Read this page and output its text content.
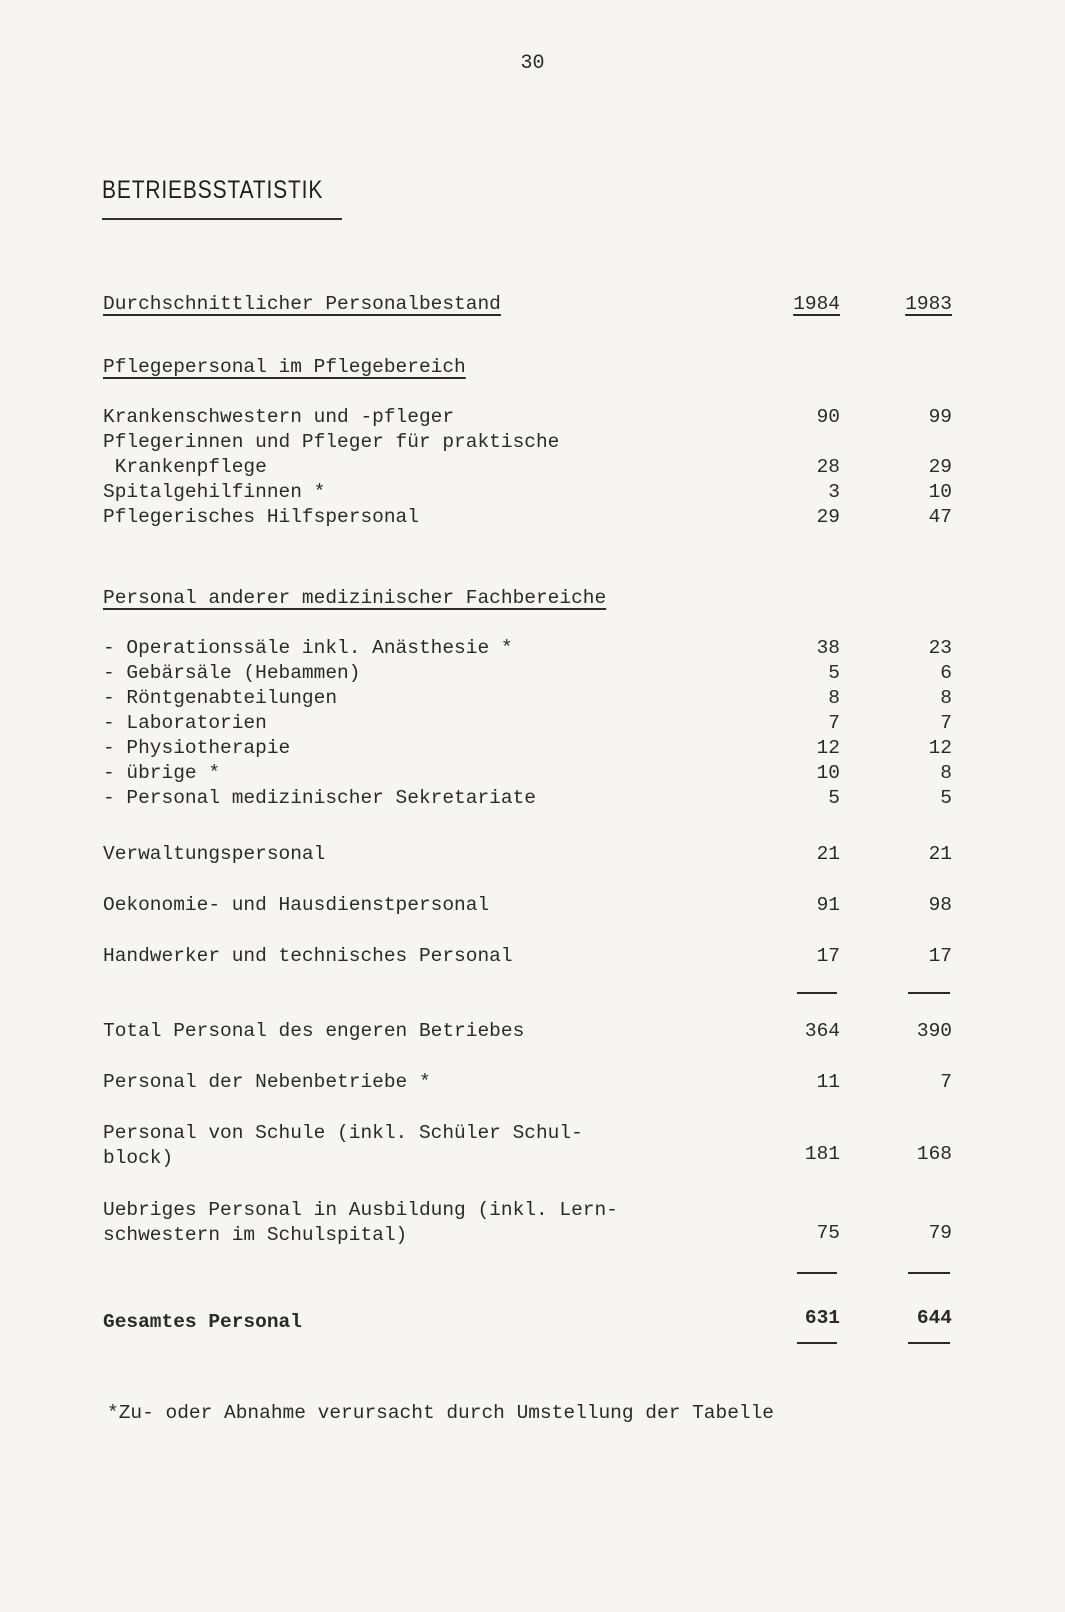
30
BETRIEBSSTATISTIK
Durchschnittlicher Personalbestand	1984	1983
Pflegepersonal im Pflegebereich
Krankenschwestern und -pfleger	90	99
Pflegerinnen und Pfleger für praktische
Krankenpflege	28	29
Spitalgehilfinnen *	3	10
Pflegerisches Hilfspersonal	29	47
Personal anderer medizinischer Fachbereiche
- Operationssäle inkl. Anästhesie *	38	23
- Gebärsäle (Hebammen)	5	6
- Röntgenabteilungen	8	8
- Laboratorien	7	7
- Physiotherapie	12	12
- übrige *	10	8
- Personal medizinischer Sekretariate	5	5
Verwaltungspersonal	21	21
Oekonomie- und Hausdienstpersonal	91	98
Handwerker und technisches Personal	17	17
Total Personal des engeren Betriebes	364	390
Personal der Nebenbetriebe *	11	7
Personal von Schule (inkl. Schüler Schul-
block)	181	168
Uebriges Personal in Ausbildung (inkl. Lern-
schwestern im Schulspital)	75	79
Gesamtes Personal	631	644
*Zu- oder Abnahme verursacht durch Umstellung der Tabelle
